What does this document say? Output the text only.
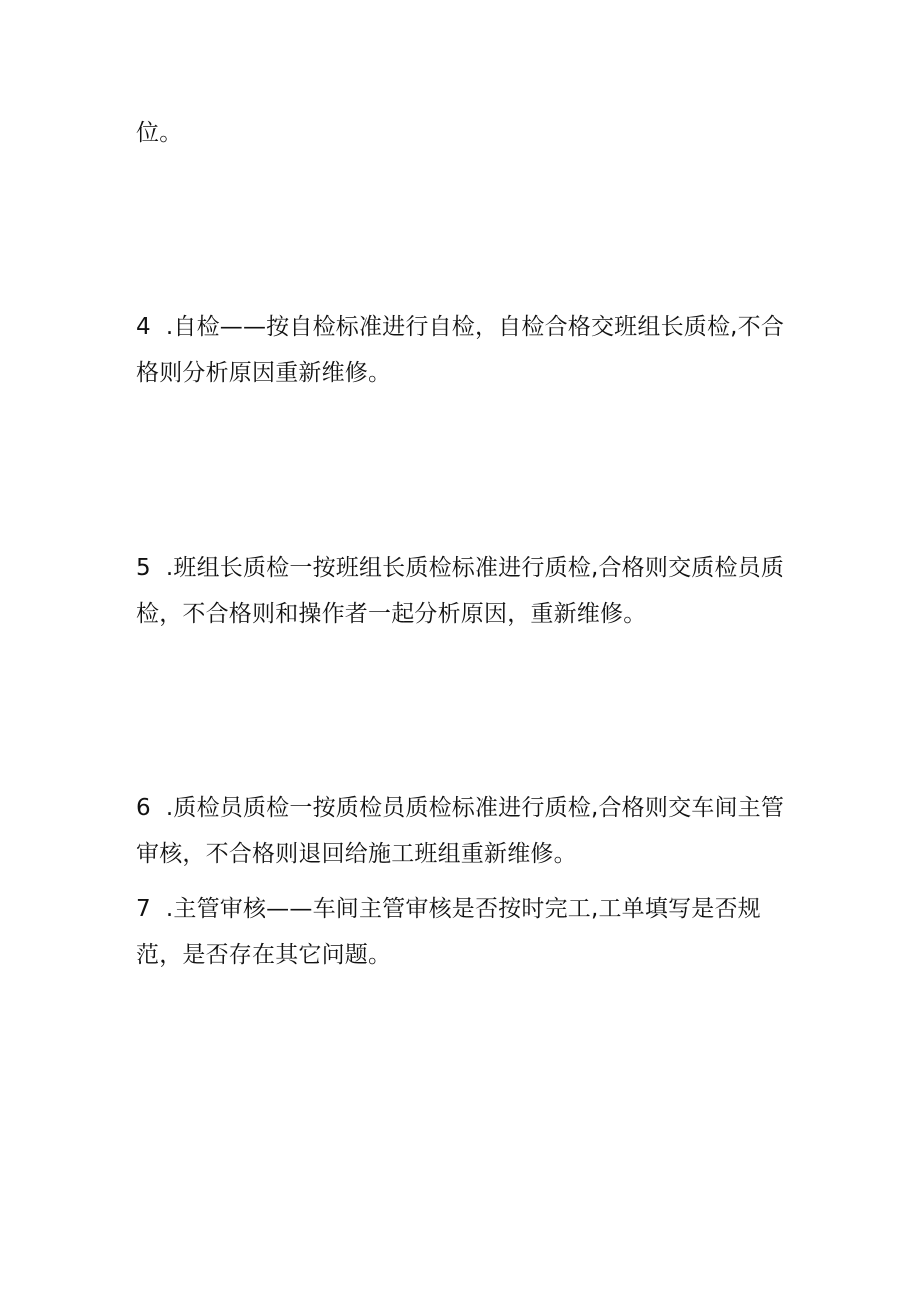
位。

4  .自检——按自检标准进行自检，自检合格交班组长质检,不合
格则分析原因重新维修。

5  .班组长质检一按班组长质检标准进行质检,合格则交质检员质
检，不合格则和操作者一起分析原因，重新维修。

6  .质检员质检一按质检员质检标准进行质检,合格则交车间主管
审核，不合格则退回给施工班组重新维修。

7  .主管审核——车间主管审核是否按时完工,工单填写是否规
范，是否存在其它问题。
